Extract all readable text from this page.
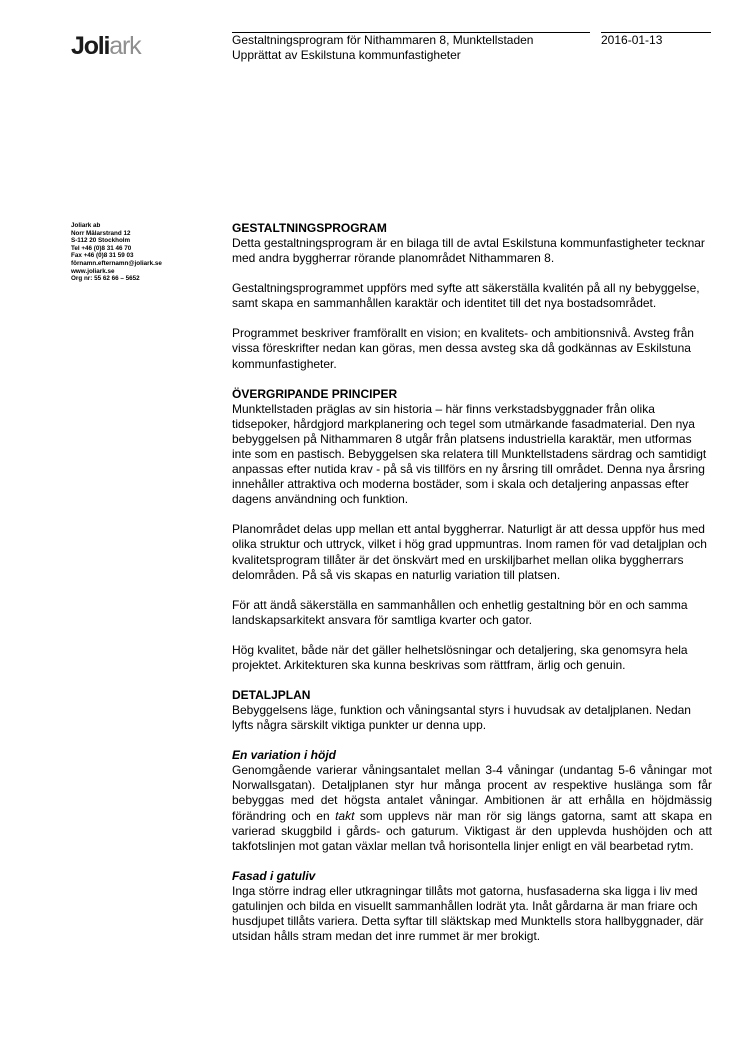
Joliark	Gestaltningsprogram för Nithammaren 8, Munktellstaden	2016-01-13
Upprättat av Eskilstuna kommunfastigheter
Joliark ab
Norr Mälarstrand 12
S-112 20 Stockholm
Tel +46 (0)8 31 46 70
Fax +46 (0)8 31 59 03
förnamn.efternamn@joliark.se
www.joliark.se
Org nr: 55 62 66 – 5652
GESTALTNINGSPROGRAM

Detta gestaltningsprogram är en bilaga till de avtal Eskilstuna kommunfastigheter tecknar med andra byggherrar rörande planområdet Nithammaren 8.

Gestaltningsprogrammet uppförs med syfte att säkerställa kvalitén på all ny bebyggelse, samt skapa en sammanhållen karaktär och identitet till det nya bostadsområdet.

Programmet beskriver framförallt en vision; en kvalitets- och ambitionsnivå. Avsteg från vissa föreskrifter nedan kan göras, men dessa avsteg ska då godkännas av Eskilstuna kommunfastigheter.

ÖVERGRIPANDE PRINCIPER

Munktellstaden präglas av sin historia – här finns verkstadsbyggnader från olika tidsepoker, hårdgjord markplanering och tegel som utmärkande fasadmaterial. Den nya bebyggelsen på Nithammaren 8 utgår från platsens industriella karaktär, men utformas inte som en pastisch. Bebyggelsen ska relatera till Munktellstadens särdrag och samtidigt anpassas efter nutida krav - på så vis tillförs en ny årsring till området. Denna nya årsring innehåller attraktiva och moderna bostäder, som i skala och detaljering anpassas efter dagens användning och funktion.

Planområdet delas upp mellan ett antal byggherrar. Naturligt är att dessa uppför hus med olika struktur och uttryck, vilket i hög grad uppmuntras. Inom ramen för vad detaljplan och kvalitetsprogram tillåter är det önskvärt med en urskiljbarhet mellan olika byggherrars delområden. På så vis skapas en naturlig variation till platsen.

För att ändå säkerställa en sammanhållen och enhetlig gestaltning bör en och samma landskapsarkitekt ansvara för samtliga kvarter och gator.

Hög kvalitet, både när det gäller helhetslösningar och detaljering, ska genomsyra hela projektet. Arkitekturen ska kunna beskrivas som rättfram, ärlig och genuin.

DETALJPLAN

Bebyggelsens läge, funktion och våningsantal styrs i huvudsak av detaljplanen. Nedan lyfts några särskilt viktiga punkter ur denna upp.

En variation i höjd

Genomgående varierar våningsantalet mellan 3-4 våningar (undantag 5-6 våningar mot Norwallsgatan). Detaljplanen styr hur många procent av respektive huslänga som får bebyggas med det högsta antalet våningar. Ambitionen är att erhålla en höjdmässig förändring och en takt som upplevs när man rör sig längs gatorna, samt att skapa en varierad skuggbild i gårds- och gaturum. Viktigast är den upplevda hushöjden och att takfotslinjen mot gatan växlar mellan två horisontella linjer enligt en väl bearbetad rytm.

Fasad i gatuliv

Inga större indrag eller utkragningar tillåts mot gatorna, husfasaderna ska ligga i liv med gatulinjen och bilda en visuellt sammanhållen lodrät yta. Inåt gårdarna är man friare och husdjupet tillåts variera. Detta syftar till släktskap med Munktells stora hallbyggnader, där utsidan hålls stram medan det inre rummet är mer brokigt.
